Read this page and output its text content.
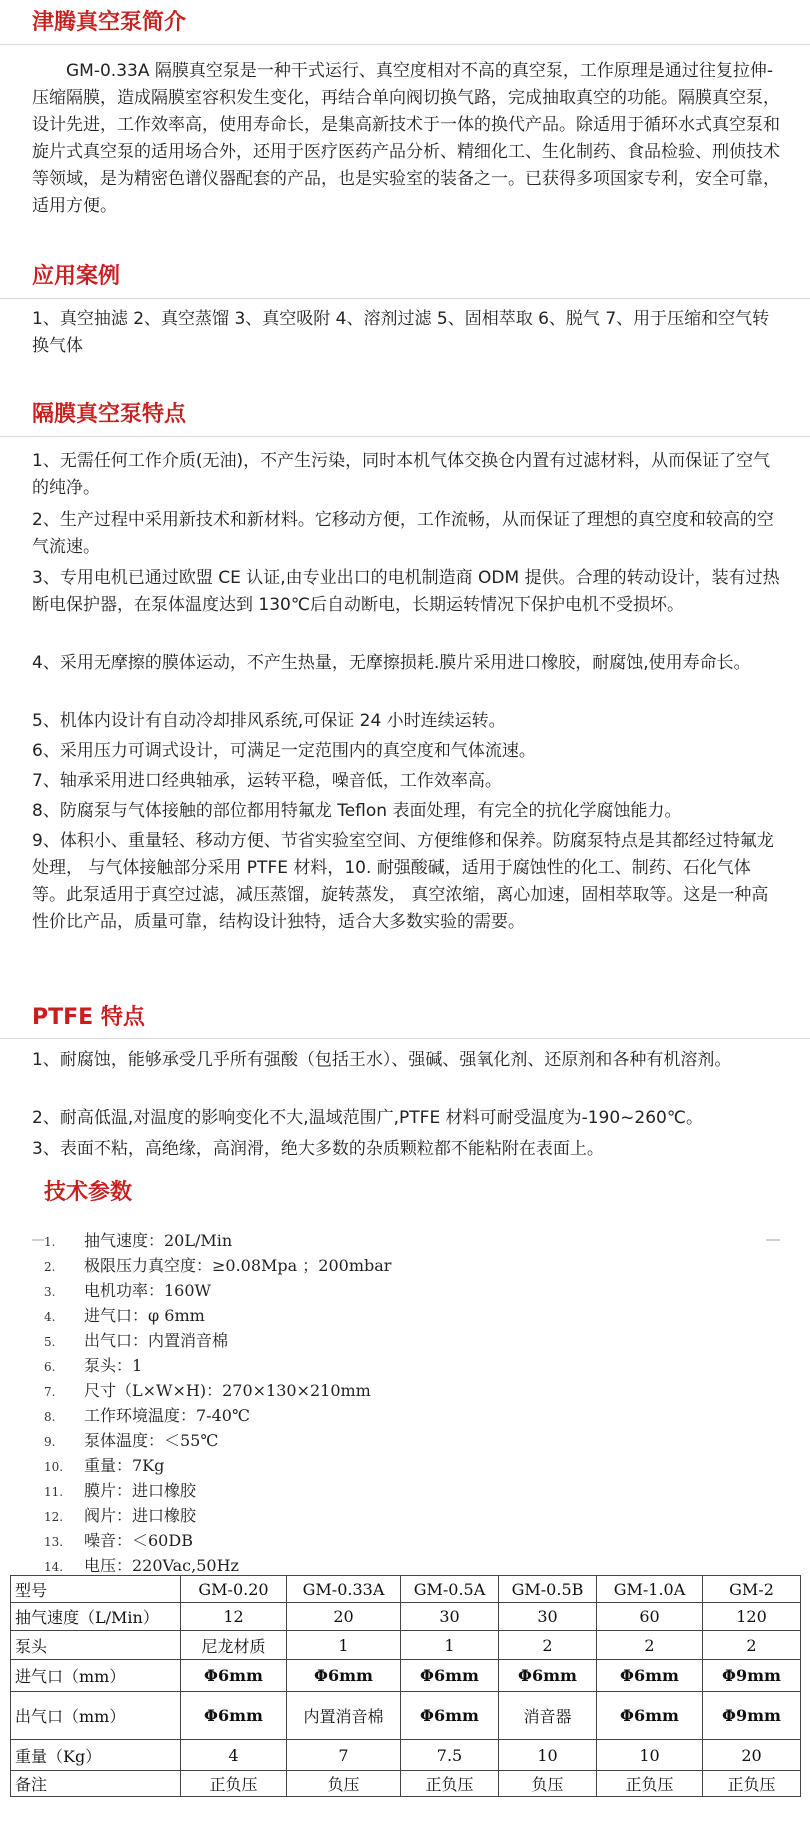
津腾真空泵简介

GM-0.33A 隔膜真空泵是一种干式运行、真空度相对不高的真空泵，工作原理是通过往复拉伸- 压缩隔膜，造成隔膜室容积发生变化，再结合单向阀切换气路，完成抽取真空的功能。隔膜真空泵，设计先进，工作效率高，使用寿命长，是集高新技术于一体的换代产品。除适用于循环水式真空泵和旋片式真空泵的适用场合外，还用于医疗医药产品分析、精细化工、生化制药、食品检验、刑侦技术等领域，是为精密色谱仪器配套的产品，也是实验室的装备之一。已获得多项国家专利，安全可靠，适用方便。

应用案例

1、真空抽滤 2、真空蒸馏 3、真空吸附 4、溶剂过滤 5、固相萃取 6、脱气 7、用于压缩和空气转换气体

隔膜真空泵特点

1、无需任何工作介质(无油)，不产生污染，同时本机气体交换仓内置有过滤材料，从而保证了空气的纯净。

2、生产过程中采用新技术和新材料。它移动方便，工作流畅，从而保证了理想的真空度和较高的空气流速。

3、专用电机已通过欧盟 CE 认证,由专业出口的电机制造商 ODM 提供。合理的转动设计，装有过热断电保护器，在泵体温度达到 130℃后自动断电，长期运转情况下保护电机不受损坏。

4、采用无摩擦的膜体运动，不产生热量，无摩擦损耗.膜片采用进口橡胶，耐腐蚀,使用寿命长。

5、机体内设计有自动冷却排风系统,可保证 24 小时连续运转。

6、采用压力可调式设计，可满足一定范围内的真空度和气体流速。

7、轴承采用进口经典轴承，运转平稳，噪音低，工作效率高。

8、防腐泵与气体接触的部位都用特氟龙 Teflon 表面处理，有完全的抗化学腐蚀能力。

9、体积小、重量轻、移动方便、节省实验室空间、方便维修和保养。防腐泵特点是其都经过特氟龙处理， 与气体接触部分采用 PTFE 材料，10. 耐强酸碱，适用于腐蚀性的化工、制药、石化气体等。此泵适用于真空过滤，减压蒸馏，旋转蒸发， 真空浓缩，离心加速，固相萃取等。这是一种高性价比产品，质量可靠，结构设计独特，适合大多数实验的需要。

PTFE 特点

1、耐腐蚀，能够承受几乎所有强酸（包括王水）、强碱、强氧化剂、还原剂和各种有机溶剂。

2、耐高低温,对温度的影响变化不大,温域范围广,PTFE 材料可耐受温度为-190~260℃。

3、表面不粘，高绝缘，高润滑，绝大多数的杂质颗粒都不能粘附在表面上。

技术参数
1. 抽气速度：20L/Min
2. 极限压力真空度：≥0.08Mpa ；200mbar
3. 电机功率：160W
4. 进气口：φ 6mm
5. 出气口：内置消音棉
6. 泵头：1
7. 尺寸（L×W×H)：270×130×210mm
8. 工作环境温度：7-40℃
9. 泵体温度：＜55℃
10. 重量：7Kg
11. 膜片：进口橡胶
12. 阀片：进口橡胶
13. 噪音：＜60DB
14. 电压：220Vac,50Hz
型号	GM-0.20	GM-0.33A	GM-0.5A	GM-0.5B	GM-1.0A	GM-2
抽气速度（L/Min）	12	20	30	30	60	120
泵头	尼龙材质	1	1	2	2	2
进气口（mm）	Φ6mm	Φ6mm	Φ6mm	Φ6mm	Φ6mm	Φ9mm
出气口（mm）	Φ6mm	内置消音棉	Φ6mm	消音器	Φ6mm	Φ9mm
重量（Kg）	4	7	7.5	10	10	20
备注	正负压	负压	正负压	负压	正负压	正负压
